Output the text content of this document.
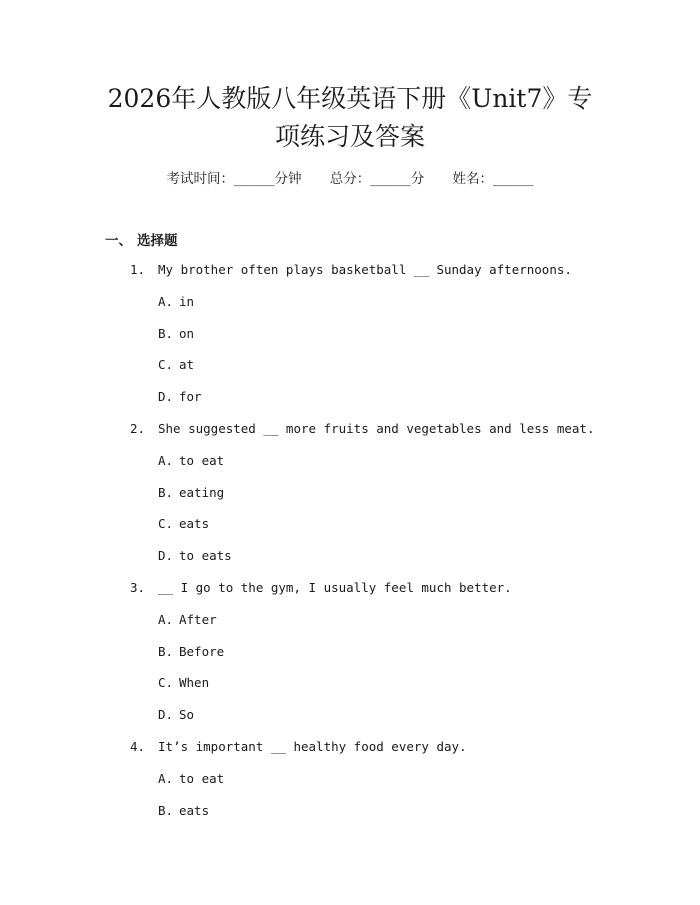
2026年人教版八年级英语下册《Unit7》专
项练习及答案
考试时间：______分钟 总分：______分 姓名：______
一、 选择题
1. My brother often plays basketball __ Sunday afternoons.
A. in
B. on
C. at
D. for
2. She suggested __ more fruits and vegetables and less meat.
A. to eat
B. eating
C. eats
D. to eats
3. __ I go to the gym, I usually feel much better.
A. After
B. Before
C. When
D. So
4. It’s important __ healthy food every day.
A. to eat
B. eats
